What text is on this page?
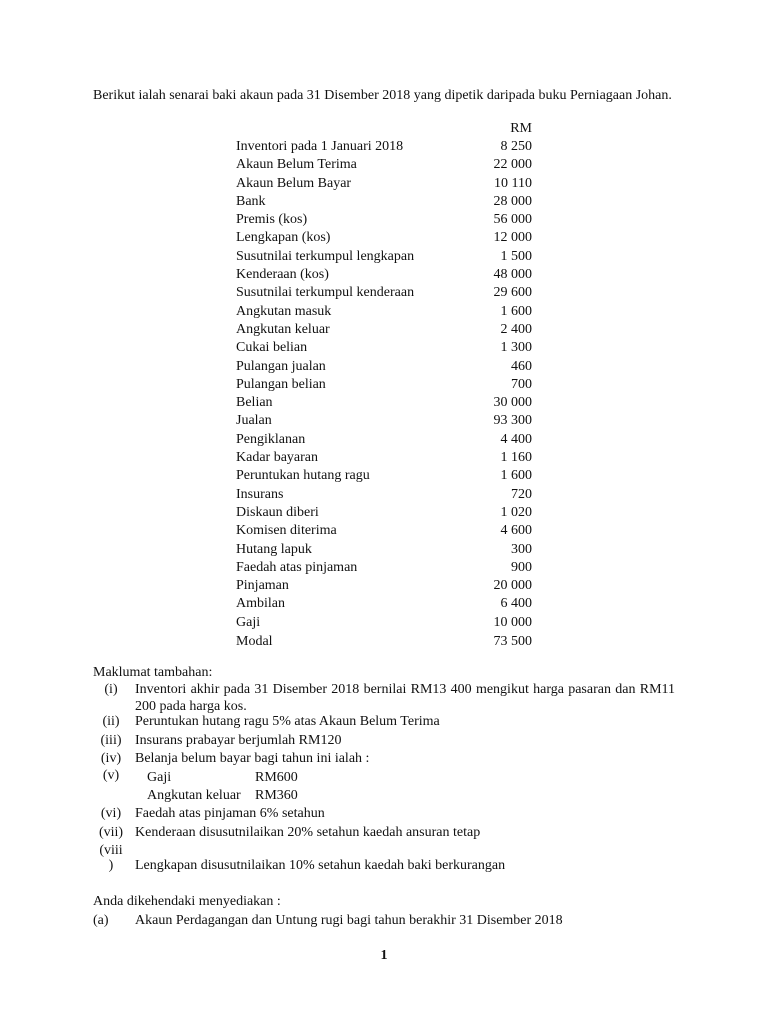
Berikut ialah senarai baki akaun pada 31 Disember 2018 yang dipetik daripada buku Perniagaan Johan.
RM
Inventori pada 1 Januari 2018	8 250
Akaun Belum Terima	22 000
Akaun Belum Bayar	10 110
Bank	28 000
Premis (kos)	56 000
Lengkapan (kos)	12 000
Susutnilai terkumpul lengkapan	1 500
Kenderaan (kos)	48 000
Susutnilai terkumpul kenderaan	29 600
Angkutan masuk	1 600
Angkutan keluar	2 400
Cukai belian	1 300
Pulangan jualan	460
Pulangan belian	700
Belian	30 000
Jualan	93 300
Pengiklanan	4 400
Kadar bayaran	1 160
Peruntukan hutang ragu	1 600
Insurans	720
Diskaun diberi	1 020
Komisen diterima	4 600
Hutang lapuk	300
Faedah atas pinjaman	900
Pinjaman	20 000
Ambilan	6 400
Gaji	10 000
Modal	73 500
Maklumat tambahan:
(i)	Inventori akhir pada 31 Disember 2018 bernilai RM13 400 mengikut harga pasaran dan RM11 200 pada harga kos.
(ii)	Peruntukan hutang ragu 5% atas Akaun Belum Terima
(iii) Insurans prabayar berjumlah RM120
(iv) Belanja belum bayar bagi tahun ini ialah :
(v)	Gaji	RM600
Angkutan keluar RM360
(vi) Faedah atas pinjaman 6% setahun
(vii) Kenderaan disusutnilaikan 20% setahun kaedah ansuran tetap
(viii
)	Lengkapan disusutnilaikan 10% setahun kaedah baki berkurangan
Anda dikehendaki menyediakan :
(a) Akaun Perdagangan dan Untung rugi bagi tahun berakhir 31 Disember 2018
1
